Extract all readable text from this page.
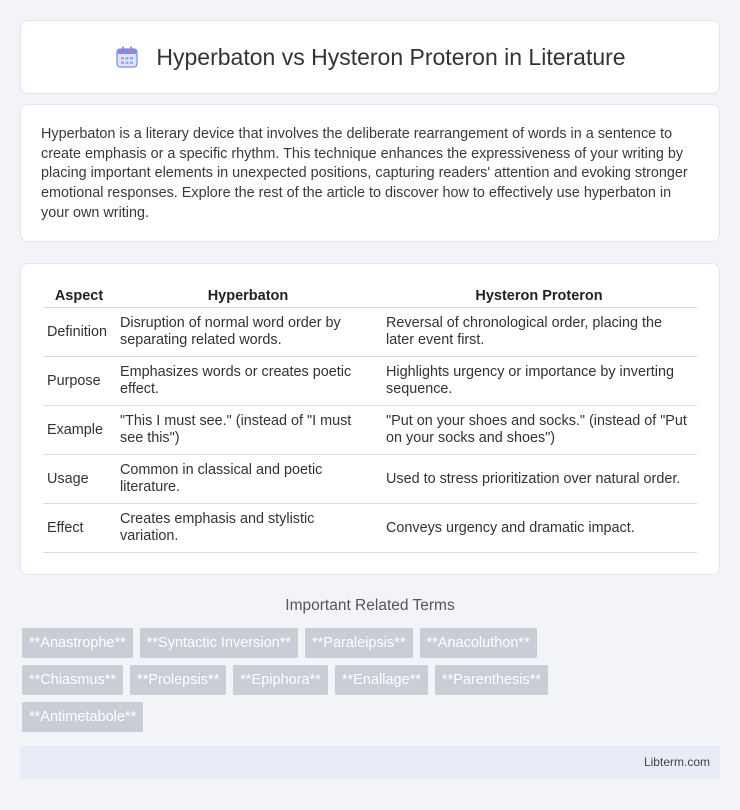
Hyperbaton vs Hysteron Proteron in Literature

Hyperbaton is a literary device that involves the deliberate rearrangement of words in a sentence to create emphasis or a specific rhythm. This technique enhances the expressiveness of your writing by placing important elements in unexpected positions, capturing readers' attention and evoking stronger emotional responses. Explore the rest of the article to discover how to effectively use hyperbaton in your own writing.

Aspect	Hyperbaton	Hysteron Proteron
Definition	Disruption of normal word order by separating related words.	Reversal of chronological order, placing the later event first.
Purpose	Emphasizes words or creates poetic effect.	Highlights urgency or importance by inverting sequence.
Example	"This I must see." (instead of "I must see this")	"Put on your shoes and socks." (instead of "Put on your socks and shoes")
Usage	Common in classical and poetic literature.	Used to stress prioritization over natural order.
Effect	Creates emphasis and stylistic variation.	Conveys urgency and dramatic impact.
Important Related Terms
**Anastrophe**	**Syntactic Inversion**	**Paraleipsis**	**Anacoluthon**
**Chiasmus**	**Prolepsis**	**Epiphora**	**Enallage**	**Parenthesis**
**Antimetabole**
Libterm.com
